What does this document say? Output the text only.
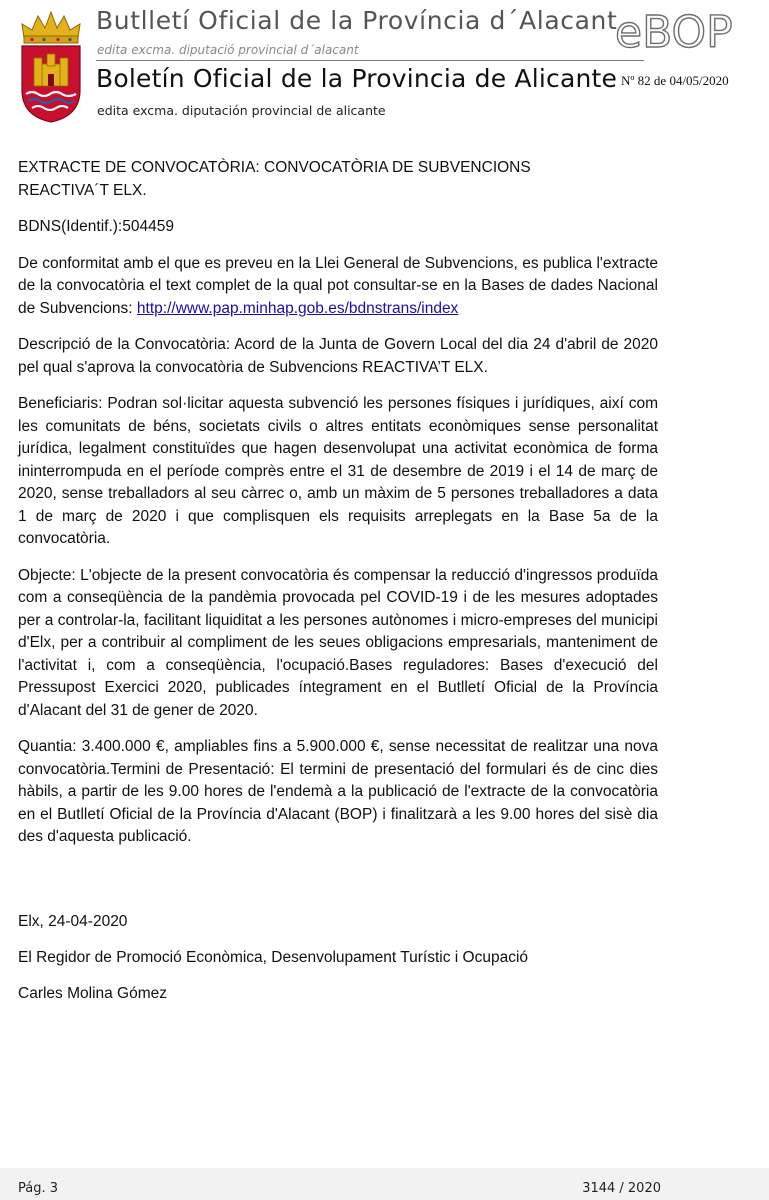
Butlletí Oficial de la Província d´Alacant
edita excma. diputació provincial d´alacant
Boletín Oficial de la Provincia de Alicante
edita excma. diputación provincial de alicante
eBOP
Nº 82 de 04/05/2020

EXTRACTE DE CONVOCATÒRIA: CONVOCATÒRIA DE SUBVENCIONS
REACTIVA´T ELX.

BDNS(Identif.):504459

De conformitat amb el que es preveu en la Llei General de Subvencions, es publica l'extracte de la convocatòria el text complet de la qual pot consultar-se en la Bases de dades Nacional de Subvencions: http://www.pap.minhap.gob.es/bdnstrans/index

Descripció de la Convocatòria: Acord de la Junta de Govern Local del dia 24 d'abril de 2020 pel qual s'aprova la convocatòria de Subvencions REACTIVA’T ELX.

Beneficiaris: Podran sol·licitar aquesta subvenció les persones físiques i jurídiques, així com les comunitats de béns, societats civils o altres entitats econòmiques sense personalitat jurídica, legalment constituïdes que hagen desenvolupat una activitat econòmica de forma ininterrompuda en el període comprès entre el 31 de desembre de 2019 i el 14 de març de 2020, sense treballadors al seu càrrec o, amb un màxim de 5 persones treballadores a data 1 de març de 2020 i que complisquen els requisits arreplegats en la Base 5a de la convocatòria.

Objecte: L'objecte de la present convocatòria és compensar la reducció d'ingressos produïda com a conseqüència de la pandèmia provocada pel COVID-19 i de les mesures adoptades per a controlar-la, facilitant liquiditat a les persones autònomes i micro-empreses del municipi d'Elx, per a contribuir al compliment de les seues obligacions empresarials, manteniment de l'activitat i, com a conseqüència, l'ocupació.Bases reguladores: Bases d'execució del Pressupost Exercici 2020, publicades íntegrament en el Butlletí Oficial de la Província d'Alacant del 31 de gener de 2020.

Quantia: 3.400.000 €, ampliables fins a 5.900.000 €, sense necessitat de realitzar una nova convocatòria.Termini de Presentació: El termini de presentació del formulari és de cinc dies hàbils, a partir de les 9.00 hores de l'endemà a la publicació de l'extracte de la convocatòria en el Butlletí Oficial de la Província d'Alacant (BOP) i finalitzarà a les 9.00 hores del sisè dia des d'aquesta publicació.

Elx, 24-04-2020

El Regidor de Promoció Econòmica, Desenvolupament Turístic i Ocupació

Carles Molina Gómez

Pág. 3	3144 / 2020
